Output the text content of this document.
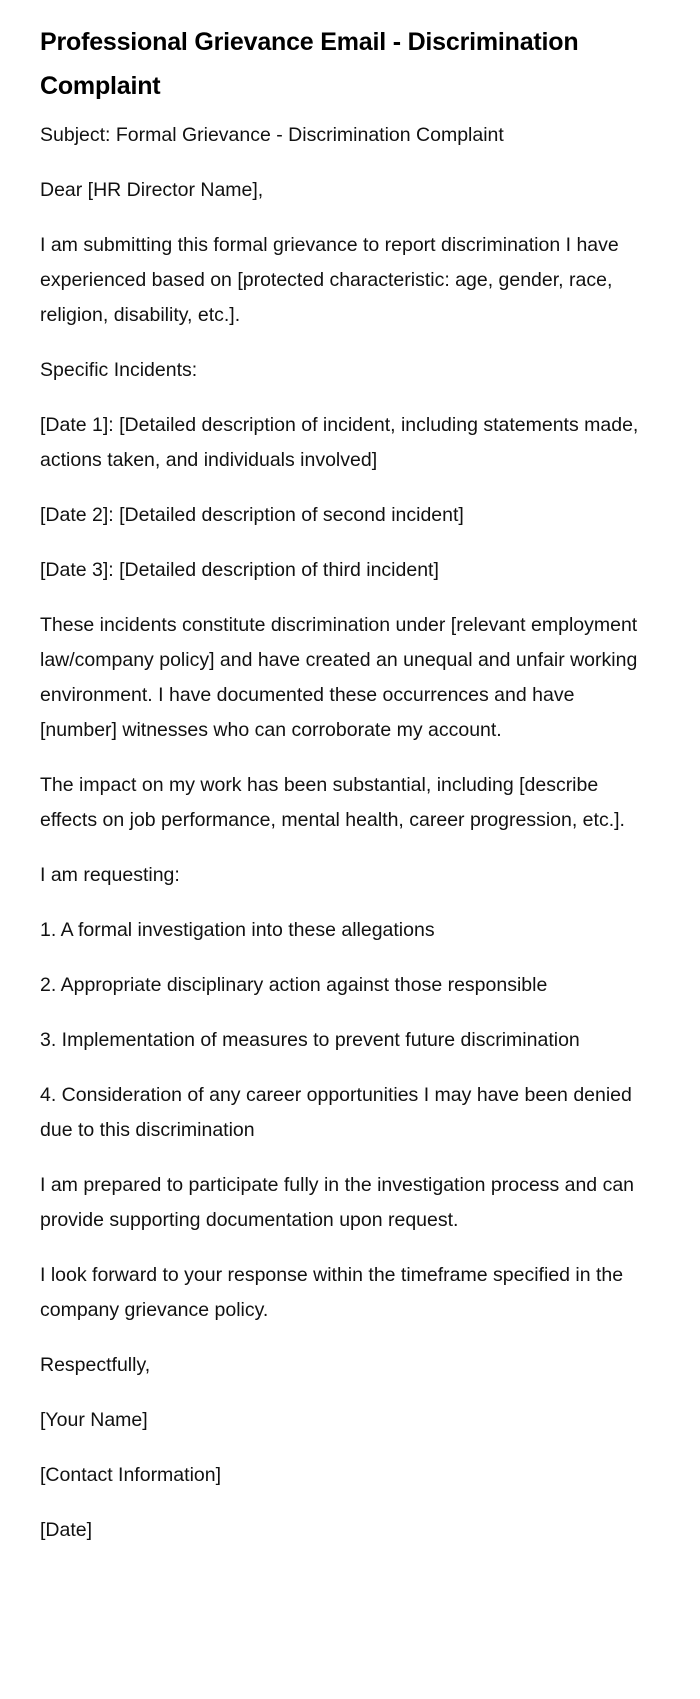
Professional Grievance Email - Discrimination Complaint

Subject: Formal Grievance - Discrimination Complaint

Dear [HR Director Name],

I am submitting this formal grievance to report discrimination I have experienced based on [protected characteristic: age, gender, race, religion, disability, etc.].

Specific Incidents:

[Date 1]: [Detailed description of incident, including statements made, actions taken, and individuals involved]

[Date 2]: [Detailed description of second incident]

[Date 3]: [Detailed description of third incident]

These incidents constitute discrimination under [relevant employment law/company policy] and have created an unequal and unfair working environment. I have documented these occurrences and have [number] witnesses who can corroborate my account.

The impact on my work has been substantial, including [describe effects on job performance, mental health, career progression, etc.].

I am requesting:

1. A formal investigation into these allegations

2. Appropriate disciplinary action against those responsible

3. Implementation of measures to prevent future discrimination

4. Consideration of any career opportunities I may have been denied due to this discrimination

I am prepared to participate fully in the investigation process and can provide supporting documentation upon request.

I look forward to your response within the timeframe specified in the company grievance policy.

Respectfully,

[Your Name]

[Contact Information]

[Date]
